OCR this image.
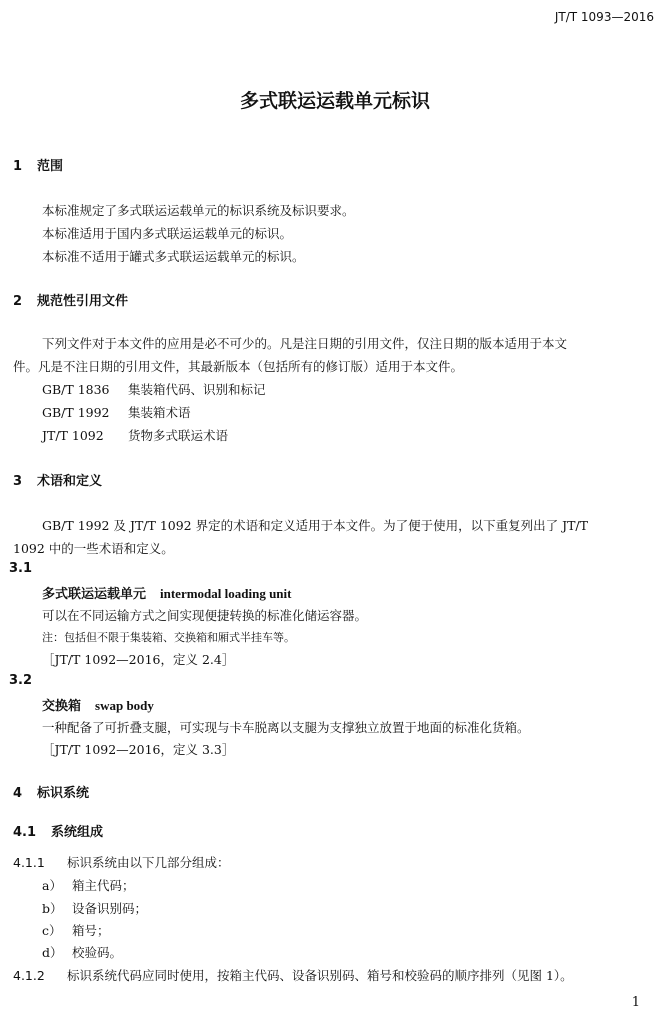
JT/T 1093—2016
多式联运运载单元标识
1 范围
本标准规定了多式联运运载单元的标识系统及标识要求。
本标准适用于国内多式联运运载单元的标识。
本标准不适用于罐式多式联运运载单元的标识。
2 规范性引用文件
下列文件对于本文件的应用是必不可少的。凡是注日期的引用文件，仅注日期的版本适用于本文
件。凡是不注日期的引用文件，其最新版本（包括所有的修订版）适用于本文件。
GB/T 1836 集装箱代码、识别和标记
GB/T 1992 集装箱术语
JT/T 1092 货物多式联运术语
3 术语和定义
GB/T 1992 及 JT/T 1092 界定的术语和定义适用于本文件。为了便于使用，以下重复列出了 JT/T
1092 中的一些术语和定义。
3.1
多式联运运载单元 intermodal loading unit
可以在不同运输方式之间实现便捷转换的标准化储运容器。
注：包括但不限于集装箱、交换箱和厢式半挂车等。
［JT/T 1092—2016，定义 2.4］
3.2
交换箱 swap body
一种配备了可折叠支腿，可实现与卡车脱离以支腿为支撑独立放置于地面的标准化货箱。
［JT/T 1092—2016，定义 3.3］
4 标识系统
4.1 系统组成
4.1.1 标识系统由以下几部分组成：
a） 箱主代码；
b） 设备识别码；
c） 箱号；
d） 校验码。
4.1.2 标识系统代码应同时使用，按箱主代码、设备识别码、箱号和校验码的顺序排列（见图 1）。
1
